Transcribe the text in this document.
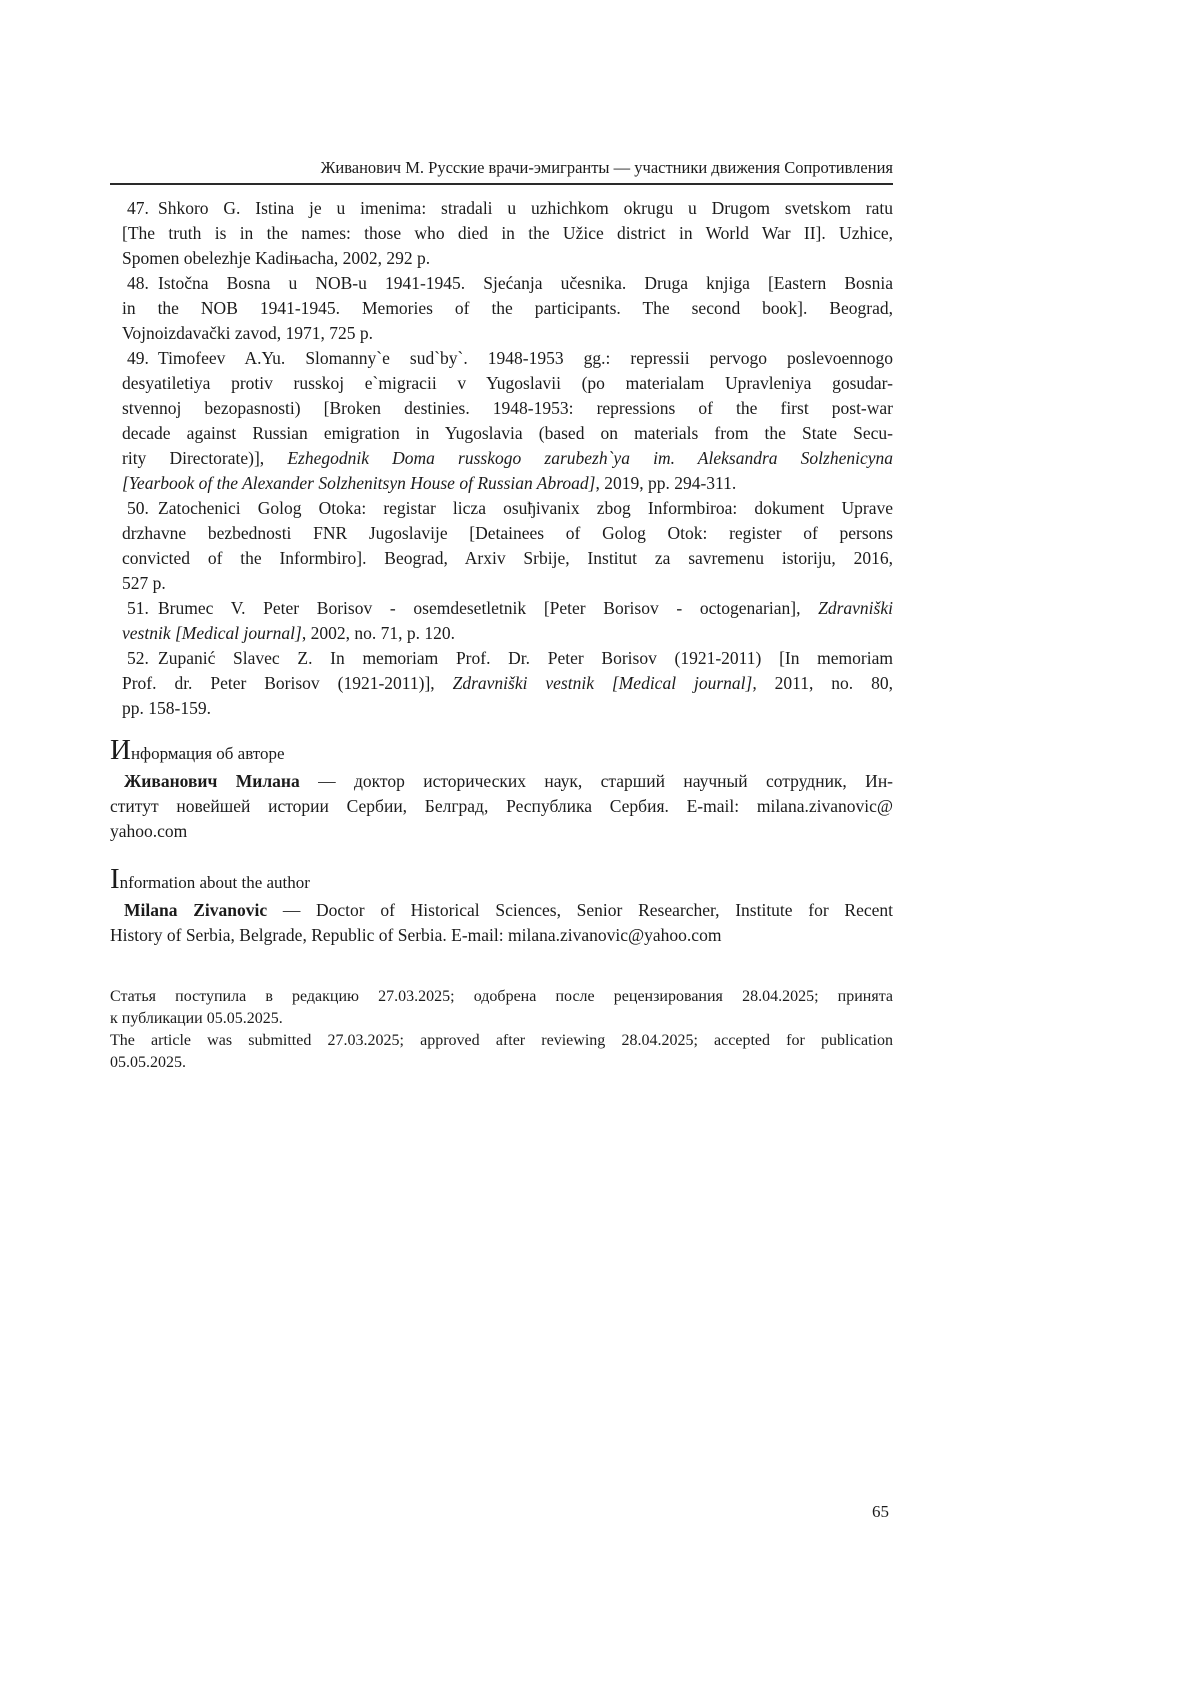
Живанович М. Русские врачи-эмигранты — участники движения Сопротивления
47. Shkoro G. Istina je u imenima: stradali u uzhichkom okrugu u Drugom svetskom ratu
[The truth is in the names: those who died in the Užice district in World War II]. Uzhice,
Spomen obelezhje Kadiњacha, 2002, 292 p.
48. Istočna Bosna u NOB-u 1941-1945. Sjećanja učesnika. Druga knjiga [Eastern Bosnia
in the NOB 1941-1945. Memories of the participants. The second book]. Beograd,
Vojnoizdavački zavod, 1971, 725 p.
49. Timofeev A.Yu. Slomanny`e sud`by`. 1948-1953 gg.: repressii pervogo poslevoennogo
desyatiletiya protiv russkoj e`migracii v Yugoslavii (po materialam Upravleniya gosudar-
stvennoj bezopasnosti) [Broken destinies. 1948-1953: repressions of the first post-war
decade against Russian emigration in Yugoslavia (based on materials from the State Secu-
rity Directorate)], Ezhegodnik Doma russkogo zarubezh`ya im. Aleksandra Solzhenicyna
[Yearbook of the Alexander Solzhenitsyn House of Russian Abroad], 2019, pp. 294-311.
50. Zatochenici Golog Otoka: registar licza osuђivanix zbog Informbiroa: dokument Uprave
drzhavne bezbednosti FNR Jugoslavije [Detainees of Golog Otok: register of persons
convicted of the Informbiro]. Beograd, Arxiv Srbije, Institut za savremenu istoriju, 2016,
527 p.
51. Brumec V. Peter Borisov - osemdesetletnik [Peter Borisov - octogenarian], Zdravniški
vestnik [Medical journal], 2002, no. 71, p. 120.
52. Zupanić Slavec Z. In memoriam Prof. Dr. Peter Borisov (1921-2011) [In memoriam
Prof. dr. Peter Borisov (1921-2011)], Zdravniški vestnik [Medical journal], 2011, no. 80,
pp. 158-159.
Информация об авторе
Живанович Милана — доктор исторических наук, старший научный сотрудник, Ин-
ститут новейшей истории Сербии, Белград, Республика Сербия. E-mail: milana.zivanovic@
yahoo.com
Information about the author
Milana Zivanovic — Doctor of Historical Sciences, Senior Researcher, Institute for Recent
History of Serbia, Belgrade, Republic of Serbia. E-mail: milana.zivanovic@yahoo.com
Статья поступила в редакцию 27.03.2025; одобрена после рецензирования 28.04.2025; принята
к публикации 05.05.2025.
The article was submitted 27.03.2025; approved after reviewing 28.04.2025; accepted for publication
05.05.2025.
65
